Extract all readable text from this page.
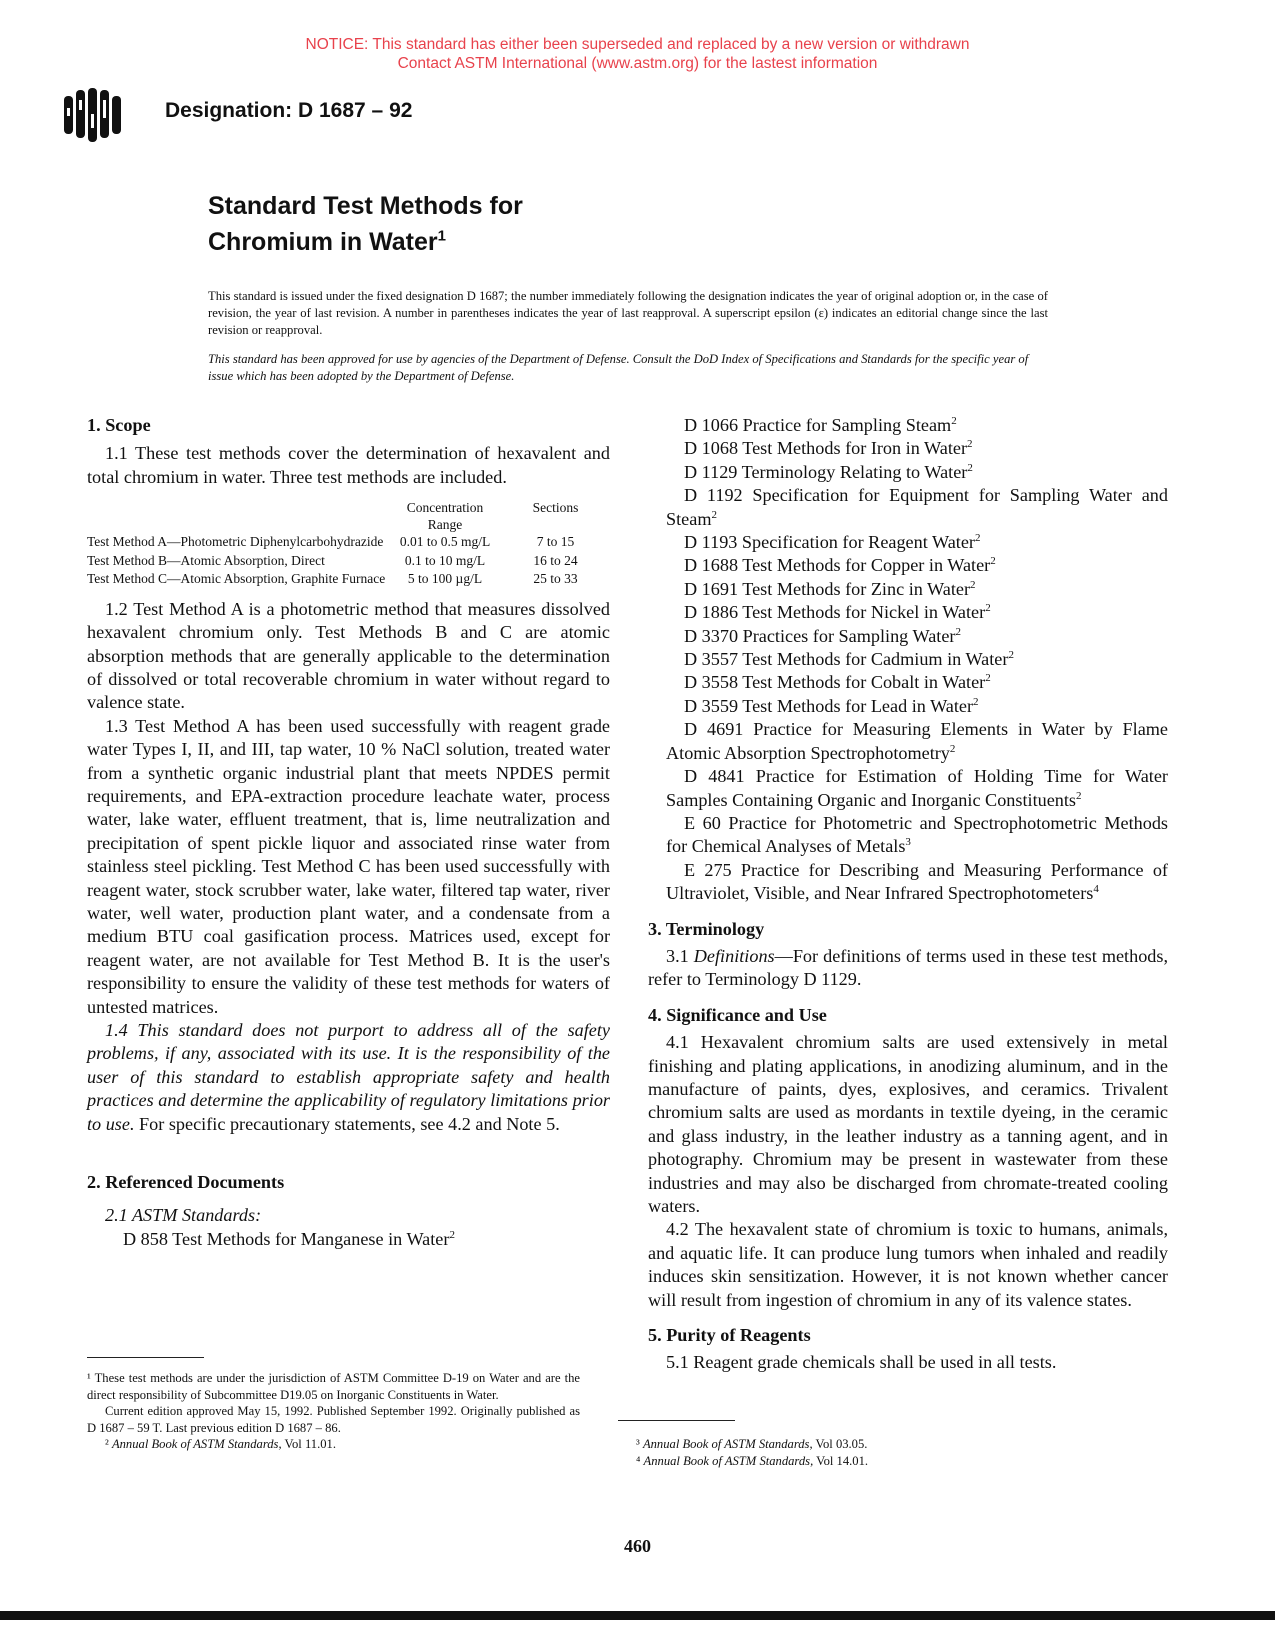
NOTICE: This standard has either been superseded and replaced by a new version or withdrawn
Contact ASTM International (www.astm.org) for the lastest information
ASTM
Designation: D 1687 – 92
Standard Test Methods for
Chromium in Water$^1$
This standard is issued under the fixed designation D 1687; the number immediately following the designation indicates the year of original adoption or, in the case of revision, the year of last revision. A number in parentheses indicates the year of last reapproval. A superscript epsilon (ε) indicates an editorial change since the last revision or reapproval.
This standard has been approved for use by agencies of the Department of Defense. Consult the DoD Index of Specifications and Standards for the specific year of issue which has been adopted by the Department of Defense.

1. Scope

1.1 These test methods cover the determination of hexavalent and total chromium in water. Three test methods are included.

	Concentration Range	Sections
Test Method A—Photometric Diphenylcarbohydrazide	0.01 to 0.5 mg/L	7 to 15
Test Method B—Atomic Absorption, Direct	0.1 to 10 mg/L	16 to 24
Test Method C—Atomic Absorption, Graphite Furnace	5 to 100 µg/L	25 to 33

1.2 Test Method A is a photometric method that measures dissolved hexavalent chromium only. Test Methods B and C are atomic absorption methods that are generally applicable to the determination of dissolved or total recoverable chromium in water without regard to valence state.

1.3 Test Method A has been used successfully with reagent grade water Types I, II, and III, tap water, 10 % NaCl solution, treated water from a synthetic organic industrial plant that meets NPDES permit requirements, and EPA-extraction procedure leachate water, process water, lake water, effluent treatment, that is, lime neutralization and precipitation of spent pickle liquor and associated rinse water from stainless steel pickling. Test Method C has been used successfully with reagent water, stock scrubber water, lake water, filtered tap water, river water, well water, production plant water, and a condensate from a medium BTU coal gasification process. Matrices used, except for reagent water, are not available for Test Method B. It is the user's responsibility to ensure the validity of these test methods for waters of untested matrices.

1.4 This standard does not purport to address all of the safety problems, if any, associated with its use. It is the responsibility of the user of this standard to establish appropriate safety and health practices and determine the applicability of regulatory limitations prior to use. For specific precautionary statements, see 4.2 and Note 5.

2. Referenced Documents

2.1 ASTM Standards:

D 858 Test Methods for Manganese in Water$^2$

D 1066 Practice for Sampling Steam$^2$

D 1068 Test Methods for Iron in Water$^2$

D 1129 Terminology Relating to Water$^2$

D 1192 Specification for Equipment for Sampling Water and Steam$^2$

D 1193 Specification for Reagent Water$^2$

D 1688 Test Methods for Copper in Water$^2$

D 1691 Test Methods for Zinc in Water$^2$

D 1886 Test Methods for Nickel in Water$^2$

D 3370 Practices for Sampling Water$^2$

D 3557 Test Methods for Cadmium in Water$^2$

D 3558 Test Methods for Cobalt in Water$^2$

D 3559 Test Methods for Lead in Water$^2$

D 4691 Practice for Measuring Elements in Water by Flame Atomic Absorption Spectrophotometry$^2$

D 4841 Practice for Estimation of Holding Time for Water Samples Containing Organic and Inorganic Constituents$^2$

E 60 Practice for Photometric and Spectrophotometric Methods for Chemical Analyses of Metals$^3$

E 275 Practice for Describing and Measuring Performance of Ultraviolet, Visible, and Near Infrared Spectrophotometers$^4$

3. Terminology

3.1 Definitions—For definitions of terms used in these test methods, refer to Terminology D 1129.

4. Significance and Use

4.1 Hexavalent chromium salts are used extensively in metal finishing and plating applications, in anodizing aluminum, and in the manufacture of paints, dyes, explosives, and ceramics. Trivalent chromium salts are used as mordants in textile dyeing, in the ceramic and glass industry, in the leather industry as a tanning agent, and in photography. Chromium may be present in wastewater from these industries and may also be discharged from chromate-treated cooling waters.

4.2 The hexavalent state of chromium is toxic to humans, animals, and aquatic life. It can produce lung tumors when inhaled and readily induces skin sensitization. However, it is not known whether cancer will result from ingestion of chromium in any of its valence states.

5. Purity of Reagents

5.1 Reagent grade chemicals shall be used in all tests.

¹ These test methods are under the jurisdiction of ASTM Committee D-19 on Water and are the direct responsibility of Subcommittee D19.05 on Inorganic Constituents in Water.
Current edition approved May 15, 1992. Published September 1992. Originally published as D 1687 – 59 T. Last previous edition D 1687 – 86.
² Annual Book of ASTM Standards, Vol 11.01.	³ Annual Book of ASTM Standards, Vol 03.05.
⁴ Annual Book of ASTM Standards, Vol 14.01.
460
